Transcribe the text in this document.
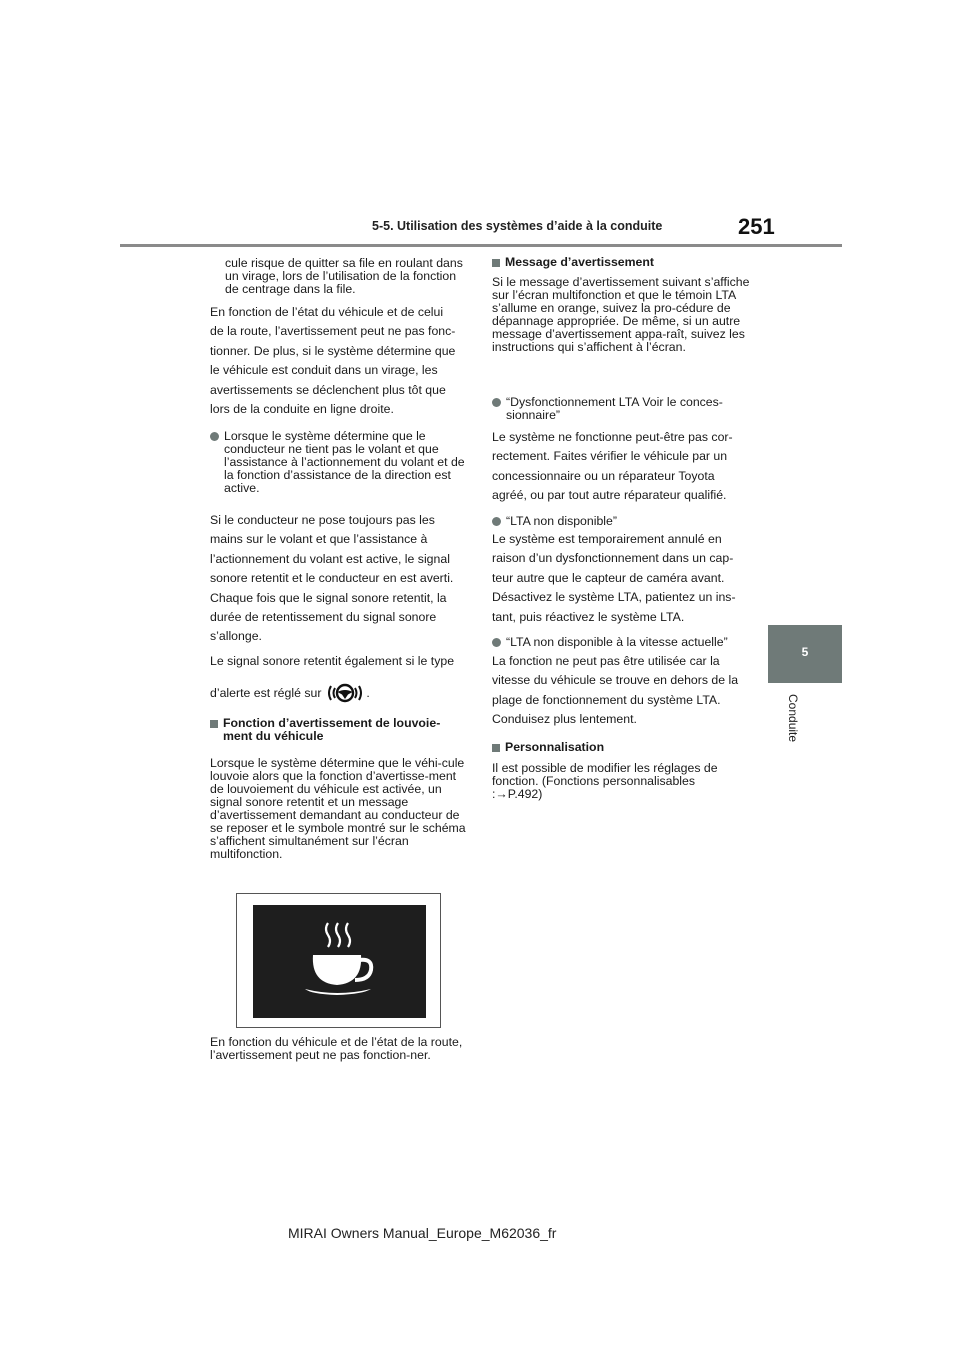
5-5. Utilisation des systèmes d’aide à la conduite	251
5
Conduite

cule risque de quitter sa file en roulant dans un virage, lors de l’utilisation de la fonction de centrage dans la file.

En fonction de l’état du véhicule et de celui

de la route, l’avertissement peut ne pas fonc-

tionner. De plus, si le système détermine que

le véhicule est conduit dans un virage, les

avertissements se déclenchent plus tôt que

lors de la conduite en ligne droite.

Lorsque le système détermine que le conducteur ne tient pas le volant et que l’assistance à l’actionnement du volant et de la fonction d’assistance de la direction est active.

Si le conducteur ne pose toujours pas les

mains sur le volant et que l’assistance à

l’actionnement du volant est active, le signal

sonore retentit et le conducteur en est averti.

Chaque fois que le signal sonore retentit, la

durée de retentissement du signal sonore

s’allonge.

Le signal sonore retentit également si le type

d’alerte est réglé sur	.

Fonction d’avertissement de louvoie-ment du véhicule

Lorsque le système détermine que le véhi-cule louvoie alors que la fonction d’avertisse-ment de louvoiement du véhicule est activée, un signal sonore retentit et un message d’avertissement demandant au conducteur de se reposer et le symbole montré sur le schéma s’affichent simultanément sur l’écran multifonction.

En fonction du véhicule et de l’état de la route, l’avertissement peut ne pas fonction-ner.

Message d’avertissement

Si le message d’avertissement suivant s’affiche sur l’écran multifonction et que le témoin LTA s’allume en orange, suivez la pro-cédure de dépannage appropriée. De même, si un autre message d’avertissement appa-raît, suivez les instructions qui s’affichent à l’écran.

“Dysfonctionnement LTA Voir le conces-sionnaire”

Le système ne fonctionne peut-être pas cor-

rectement. Faites vérifier le véhicule par un

concessionnaire ou un réparateur Toyota

agréé, ou par tout autre réparateur qualifié.

“LTA non disponible”

Le système est temporairement annulé en

raison d’un dysfonctionnement dans un cap-

teur autre que le capteur de caméra avant.

Désactivez le système LTA, patientez un ins-

tant, puis réactivez le système LTA.

“LTA non disponible à la vitesse actuelle”

La fonction ne peut pas être utilisée car la

vitesse du véhicule se trouve en dehors de la

plage de fonctionnement du système LTA.

Conduisez plus lentement.

Personnalisation

Il est possible de modifier les réglages de fonction. (Fonctions personnalisables :→P.492)

MIRAI Owners Manual_Europe_M62036_fr
